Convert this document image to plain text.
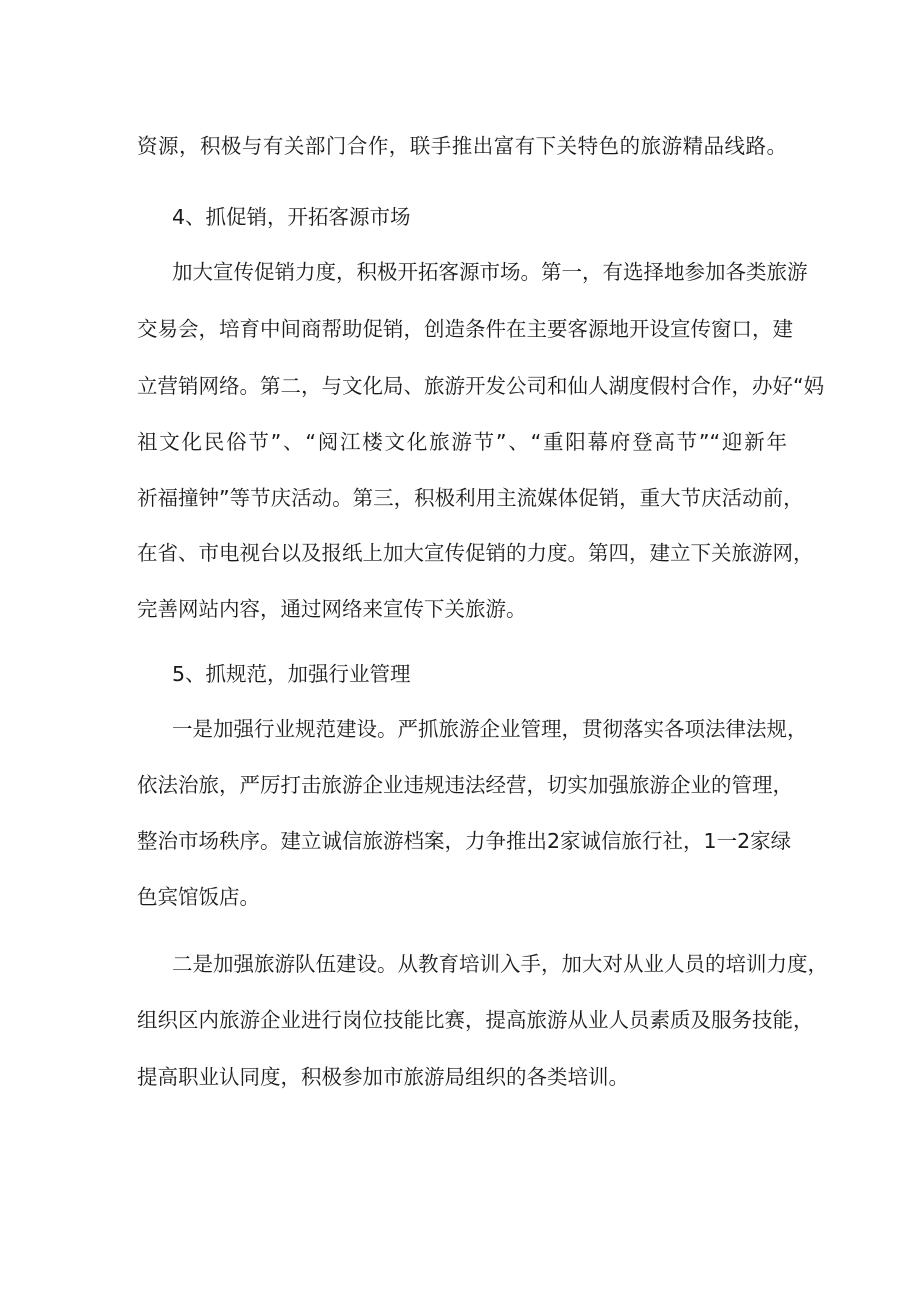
资源，积极与有关部门合作，联手推出富有下关特色的旅游精品线路。
4、抓促销，开拓客源市场
加大宣传促销力度，积极开拓客源市场。第一，有选择地参加各类旅游
交易会，培育中间商帮助促销，创造条件在主要客源地开设宣传窗口，建
立营销网络。第二，与文化局、旅游开发公司和仙人湖度假村合作，办好“妈
祖文化民俗节”、“阅江楼文化旅游节”、“重阳幕府登高节”“迎新年
祈福撞钟”等节庆活动。第三，积极利用主流媒体促销，重大节庆活动前，
在省、市电视台以及报纸上加大宣传促销的力度。第四，建立下关旅游网，
完善网站内容，通过网络来宣传下关旅游。
5、抓规范，加强行业管理
一是加强行业规范建设。严抓旅游企业管理，贯彻落实各项法律法规，
依法治旅，严厉打击旅游企业违规违法经营，切实加强旅游企业的管理，
整治市场秩序。建立诚信旅游档案，力争推出2家诚信旅行社，1一2家绿
色宾馆饭店。
二是加强旅游队伍建设。从教育培训入手，加大对从业人员的培训力度，
组织区内旅游企业进行岗位技能比赛，提高旅游从业人员素质及服务技能，
提高职业认同度，积极参加市旅游局组织的各类培训。
